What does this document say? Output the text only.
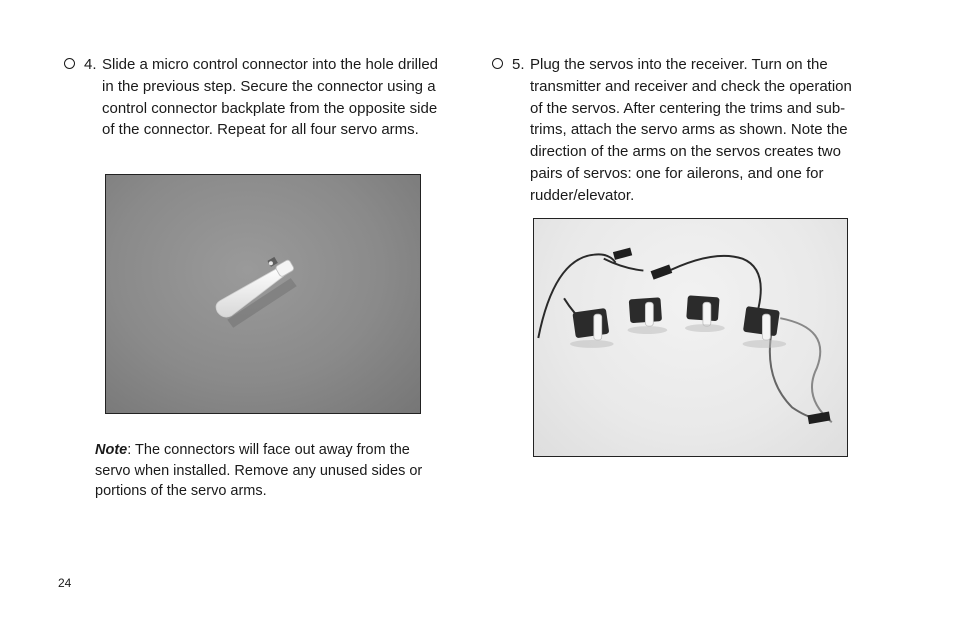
4. Slide a micro control connector into the hole drilled in the previous step. Secure the connector using a control connector backplate from the opposite side of the connector. Repeat for all four servo arms.
Note: The connectors will face out away from the servo when installed. Remove any unused sides or portions of the servo arms.
5. Plug the servos into the receiver. Turn on the transmitter and receiver and check the operation of the servos. After centering the trims and sub-trims, attach the servo arms as shown. Note the direction of the arms on the servos creates two pairs of servos: one for ailerons, and one for rudder/elevator.
24
